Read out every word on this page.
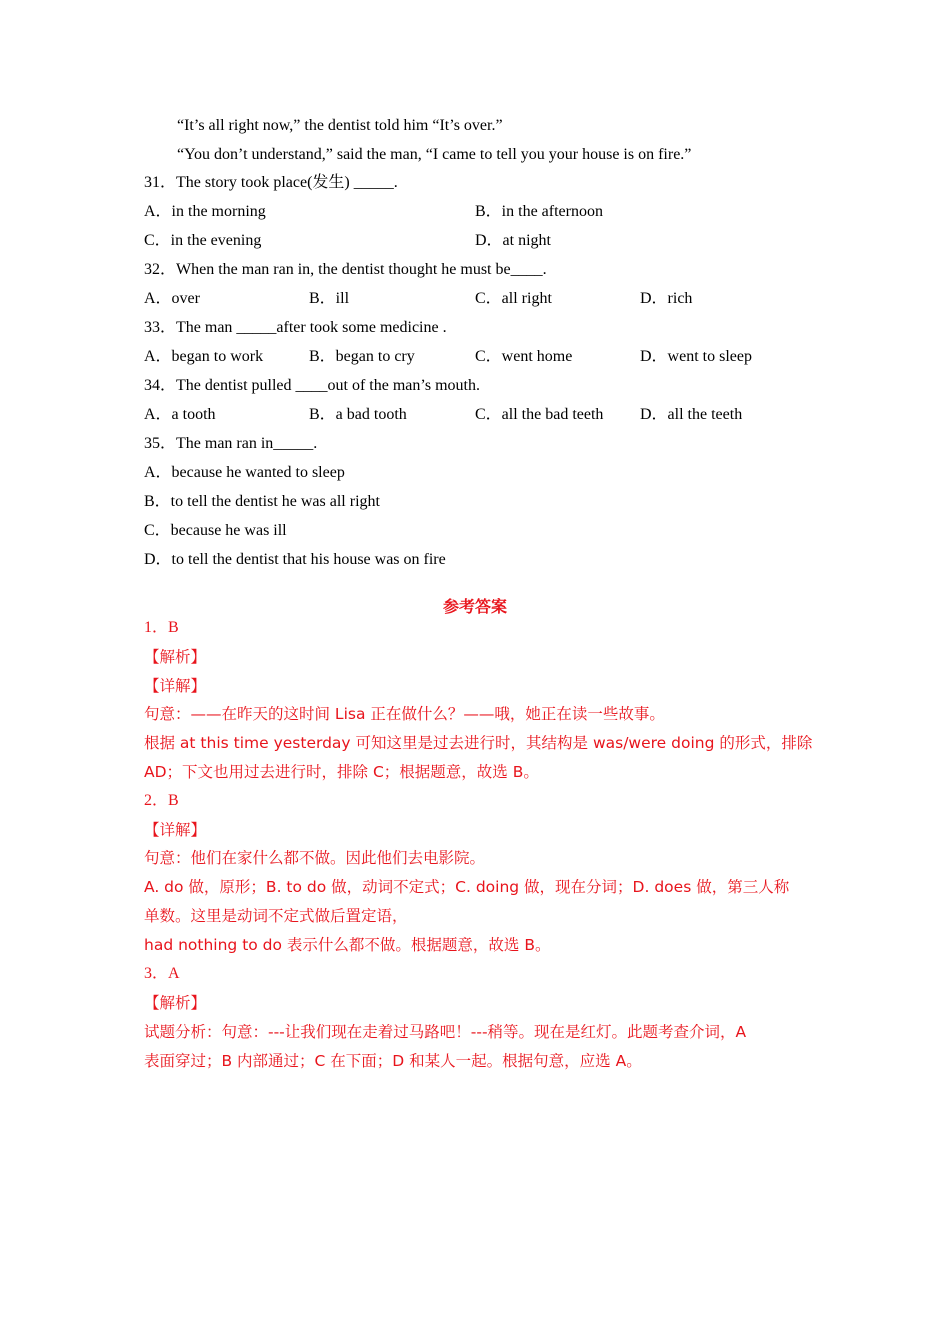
“It’s all right now,” the dentist told him “It’s over.”
“You don’t understand,” said the man, “I came to tell you your house is on fire.”
31．The story took place(发生) _____.
A．in the morning	B．in the afternoon
C．in the evening	D．at night
32．When the man ran in, the dentist thought he must be____.
A．over	B．ill	C．all right	D．rich
33．The man _____after took some medicine .
A．began to work	B．began to cry	C．went home	D．went to sleep
34．The dentist pulled ____out of the man’s mouth.
A．a tooth	B．a bad tooth	C．all the bad teeth D．all the teeth
35．The man ran in_____.
A．because he wanted to sleep
B．to tell the dentist he was all right
C．because he was ill
D．to tell the dentist that his house was on fire
参考答案
1．B
【解析】
【详解】
句意：——在昨天的这时间 Lisa 正在做什么？——哦，她正在读一些故事。
根据 at this time yesterday 可知这里是过去进行时，其结构是 was/were doing 的形式，排除
AD；下文也用过去进行时，排除 C；根据题意，故选 B。
2．B
【详解】
句意：他们在家什么都不做。因此他们去电影院。
A. do 做，原形；B. to do 做，动词不定式；C. doing 做，现在分词；D. does 做，第三人称
单数。这里是动词不定式做后置定语，
had nothing to do 表示什么都不做。根据题意，故选 B。
3．A
【解析】
试题分析：句意：---让我们现在走着过马路吧！---稍等。现在是红灯。此题考查介词，A
表面穿过；B 内部通过；C 在下面；D 和某人一起。根据句意，应选 A。
